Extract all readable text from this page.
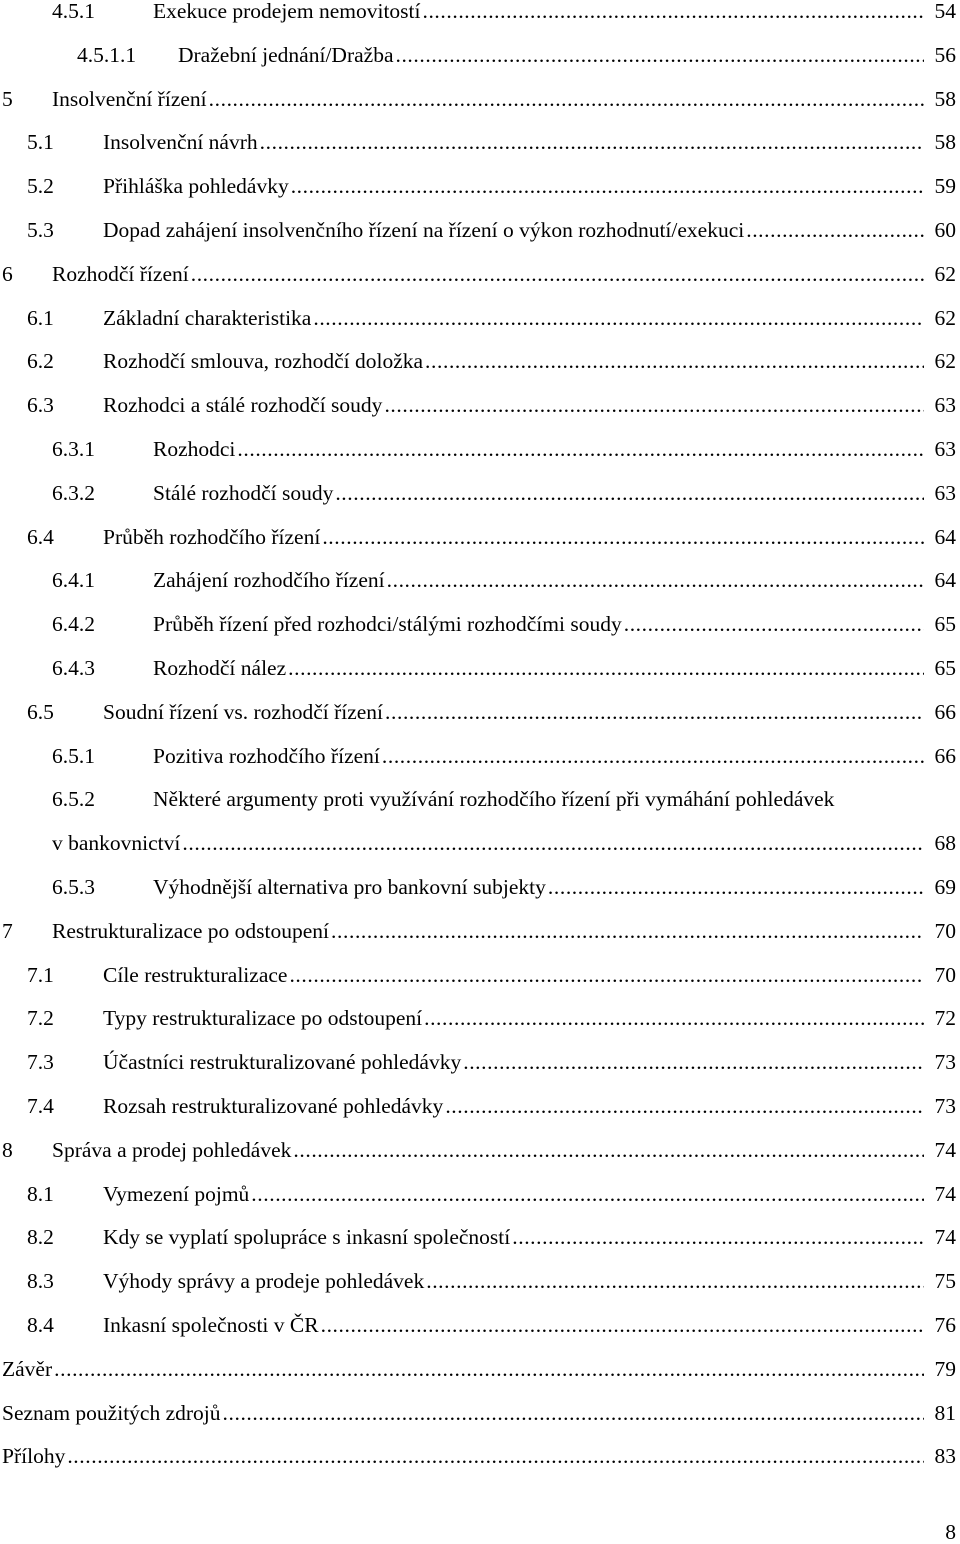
4.5.1	Exekuce prodejem nemovitostí .....	54
4.5.1.1 Dražební jednání/Dražba .....	56
5 Insolvenční řízení .....	58
5.1 Insolvenční návrh .....	58
5.2 Přihláška pohledávky .....	59
5.3 Dopad zahájení insolvenčního řízení na řízení o výkon rozhodnutí/exekuci .....	60
6 Rozhodčí řízení .....	62
6.1 Základní charakteristika .....	62
6.2 Rozhodčí smlouva, rozhodčí doložka .....	62
6.3 Rozhodci a stálé rozhodčí soudy .....	63
6.3.1	Rozhodci .....	63
6.3.2	Stálé rozhodčí soudy .....	63
6.4 Průběh rozhodčího řízení .....	64
6.4.1	Zahájení rozhodčího řízení .....	64
6.4.2	Průběh řízení před rozhodci/stálými rozhodčími soudy .....	65
6.4.3	Rozhodčí nález .....	65
6.5 Soudní řízení vs. rozhodčí řízení .....	66
6.5.1	Pozitiva rozhodčího řízení .....	66
6.5.2	Některé argumenty proti využívání rozhodčího řízení při vymáhání pohledávek
v bankovnictví .....	68
6.5.3	Výhodnější alternativa pro bankovní subjekty .....	69
7 Restrukturalizace po odstoupení .....	70
7.1 Cíle restrukturalizace .....	70
7.2 Typy restrukturalizace po odstoupení .....	72
7.3 Účastníci restrukturalizované pohledávky .....	73
7.4 Rozsah restrukturalizované pohledávky .....	73
8 Správa a prodej pohledávek .....	74
8.1 Vymezení pojmů .....	74
8.2 Kdy se vyplatí spolupráce s inkasní společností .....	74
8.3 Výhody správy a prodeje pohledávek .....	75
8.4 Inkasní společnosti v ČR .....	76
Závěr .....	79
Seznam použitých zdrojů .....	81
Přílohy .....	83
8
